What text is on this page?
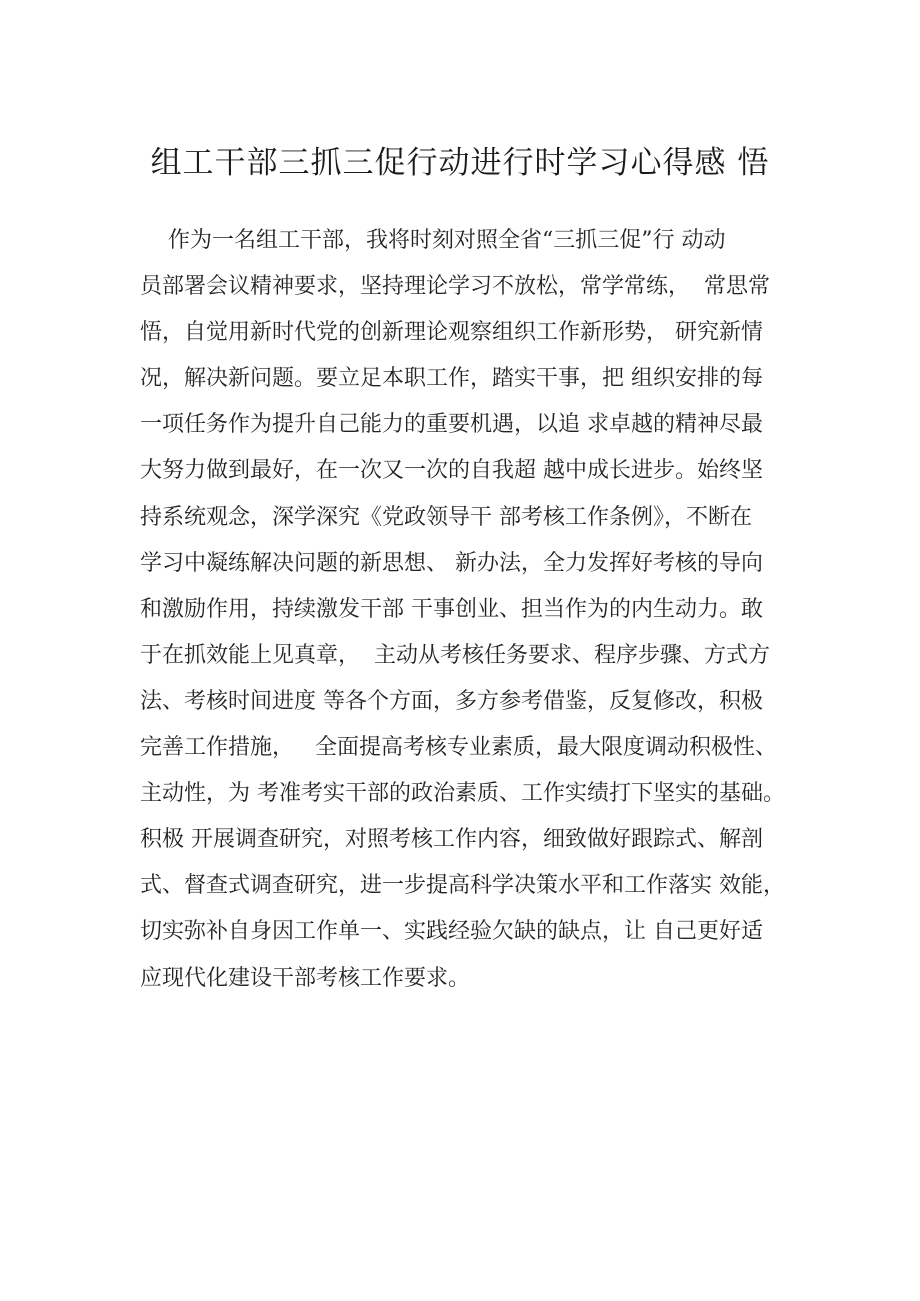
组工干部三抓三促行动进行时学习心得感 悟
作为一名组工干部，我将时刻对照全省“三抓三促”行 动动
员部署会议精神要求，坚持理论学习不放松，常学常练，  常思常
悟，自觉用新时代党的创新理论观察组织工作新形势， 研究新情
况，解决新问题。要立足本职工作，踏实干事，把 组织安排的每
一项任务作为提升自己能力的重要机遇，以追 求卓越的精神尽最
大努力做到最好，在一次又一次的自我超 越中成长进步。始终坚
持系统观念，深学深究《党政领导干 部考核工作条例》，不断在
学习中凝练解决问题的新思想、 新办法，全力发挥好考核的导向
和激励作用，持续激发干部 干事创业、担当作为的内生动力。敢
于在抓效能上见真章，  主动从考核任务要求、程序步骤、方式方
法、考核时间进度 等各个方面，多方参考借鉴，反复修改，积极
完善工作措施，   全面提高考核专业素质，最大限度调动积极性、
主动性，为 考准考实干部的政治素质、工作实绩打下坚实的基础。
积极 开展调查研究，对照考核工作内容，细致做好跟踪式、解剖
式、督查式调查研究，进一步提高科学决策水平和工作落实 效能，
切实弥补自身因工作单一、实践经验欠缺的缺点，让 自己更好适
应现代化建设干部考核工作要求。
